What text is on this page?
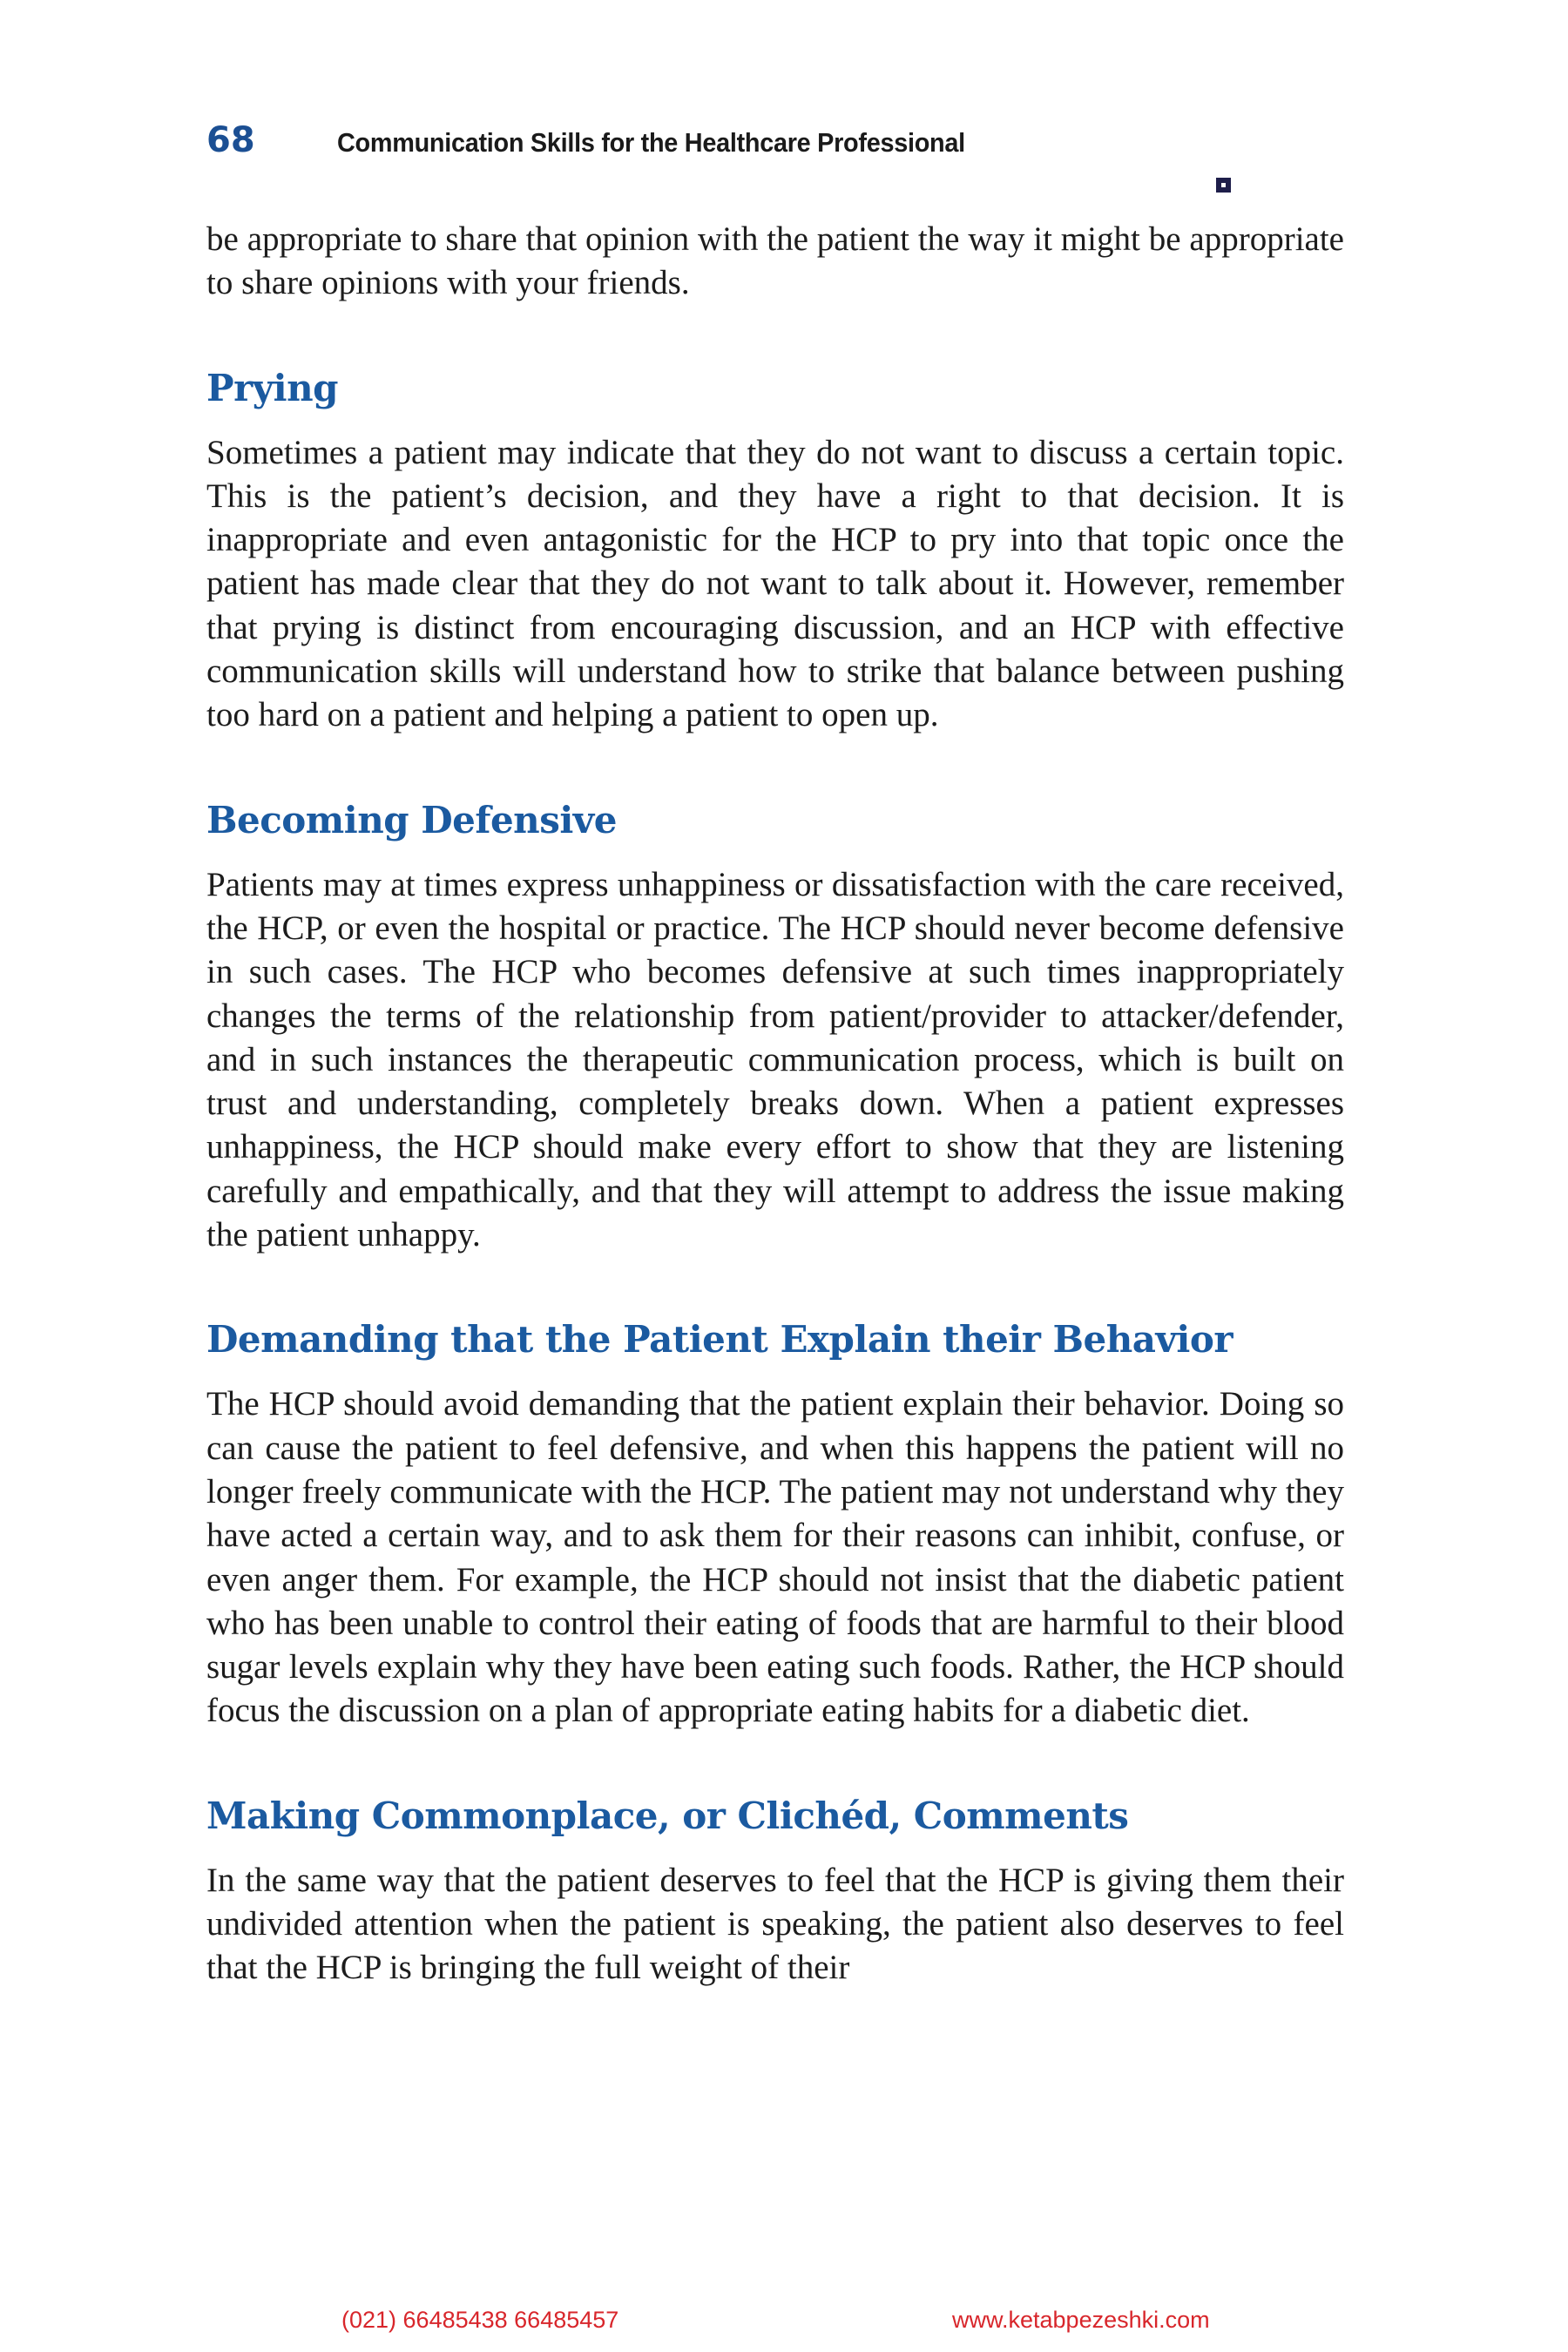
68	Communication Skills for the Healthcare Professional

be appropriate to share that opinion with the patient the way it might be appropriate to share opinions with your friends.

Prying

Sometimes a patient may indicate that they do not want to discuss a certain topic. This is the patient’s decision, and they have a right to that decision. It is inappropriate and even antagonistic for the HCP to pry into that topic once the patient has made clear that they do not want to talk about it. However, remember that prying is distinct from encouraging discussion, and an HCP with effective communication skills will understand how to strike that balance between pushing too hard on a patient and helping a patient to open up.

Becoming Defensive

Patients may at times express unhappiness or dissatisfaction with the care received, the HCP, or even the hospital or practice. The HCP should never become defensive in such cases. The HCP who becomes defensive at such times inappropriately changes the terms of the relationship from patient/provider to attacker/defender, and in such instances the therapeutic communication process, which is built on trust and understanding, completely breaks down. When a patient expresses unhappiness, the HCP should make every effort to show that they are listening carefully and empathically, and that they will attempt to address the issue making the patient unhappy.

Demanding that the Patient Explain their Behavior

The HCP should avoid demanding that the patient explain their behavior. Doing so can cause the patient to feel defensive, and when this happens the patient will no longer freely communicate with the HCP. The patient may not understand why they have acted a certain way, and to ask them for their reasons can inhibit, confuse, or even anger them. For example, the HCP should not insist that the diabetic patient who has been unable to control their eating of foods that are harmful to their blood sugar levels explain why they have been eating such foods. Rather, the HCP should focus the discussion on a plan of appropriate eating habits for a diabetic diet.

Making Commonplace, or Clichéd, Comments

In the same way that the patient deserves to feel that the HCP is giving them their undivided attention when the patient is speaking, the patient also deserves to feel that the HCP is bringing the full weight of their

(021) 66485438 66485457	www.ketabpezeshki.com
